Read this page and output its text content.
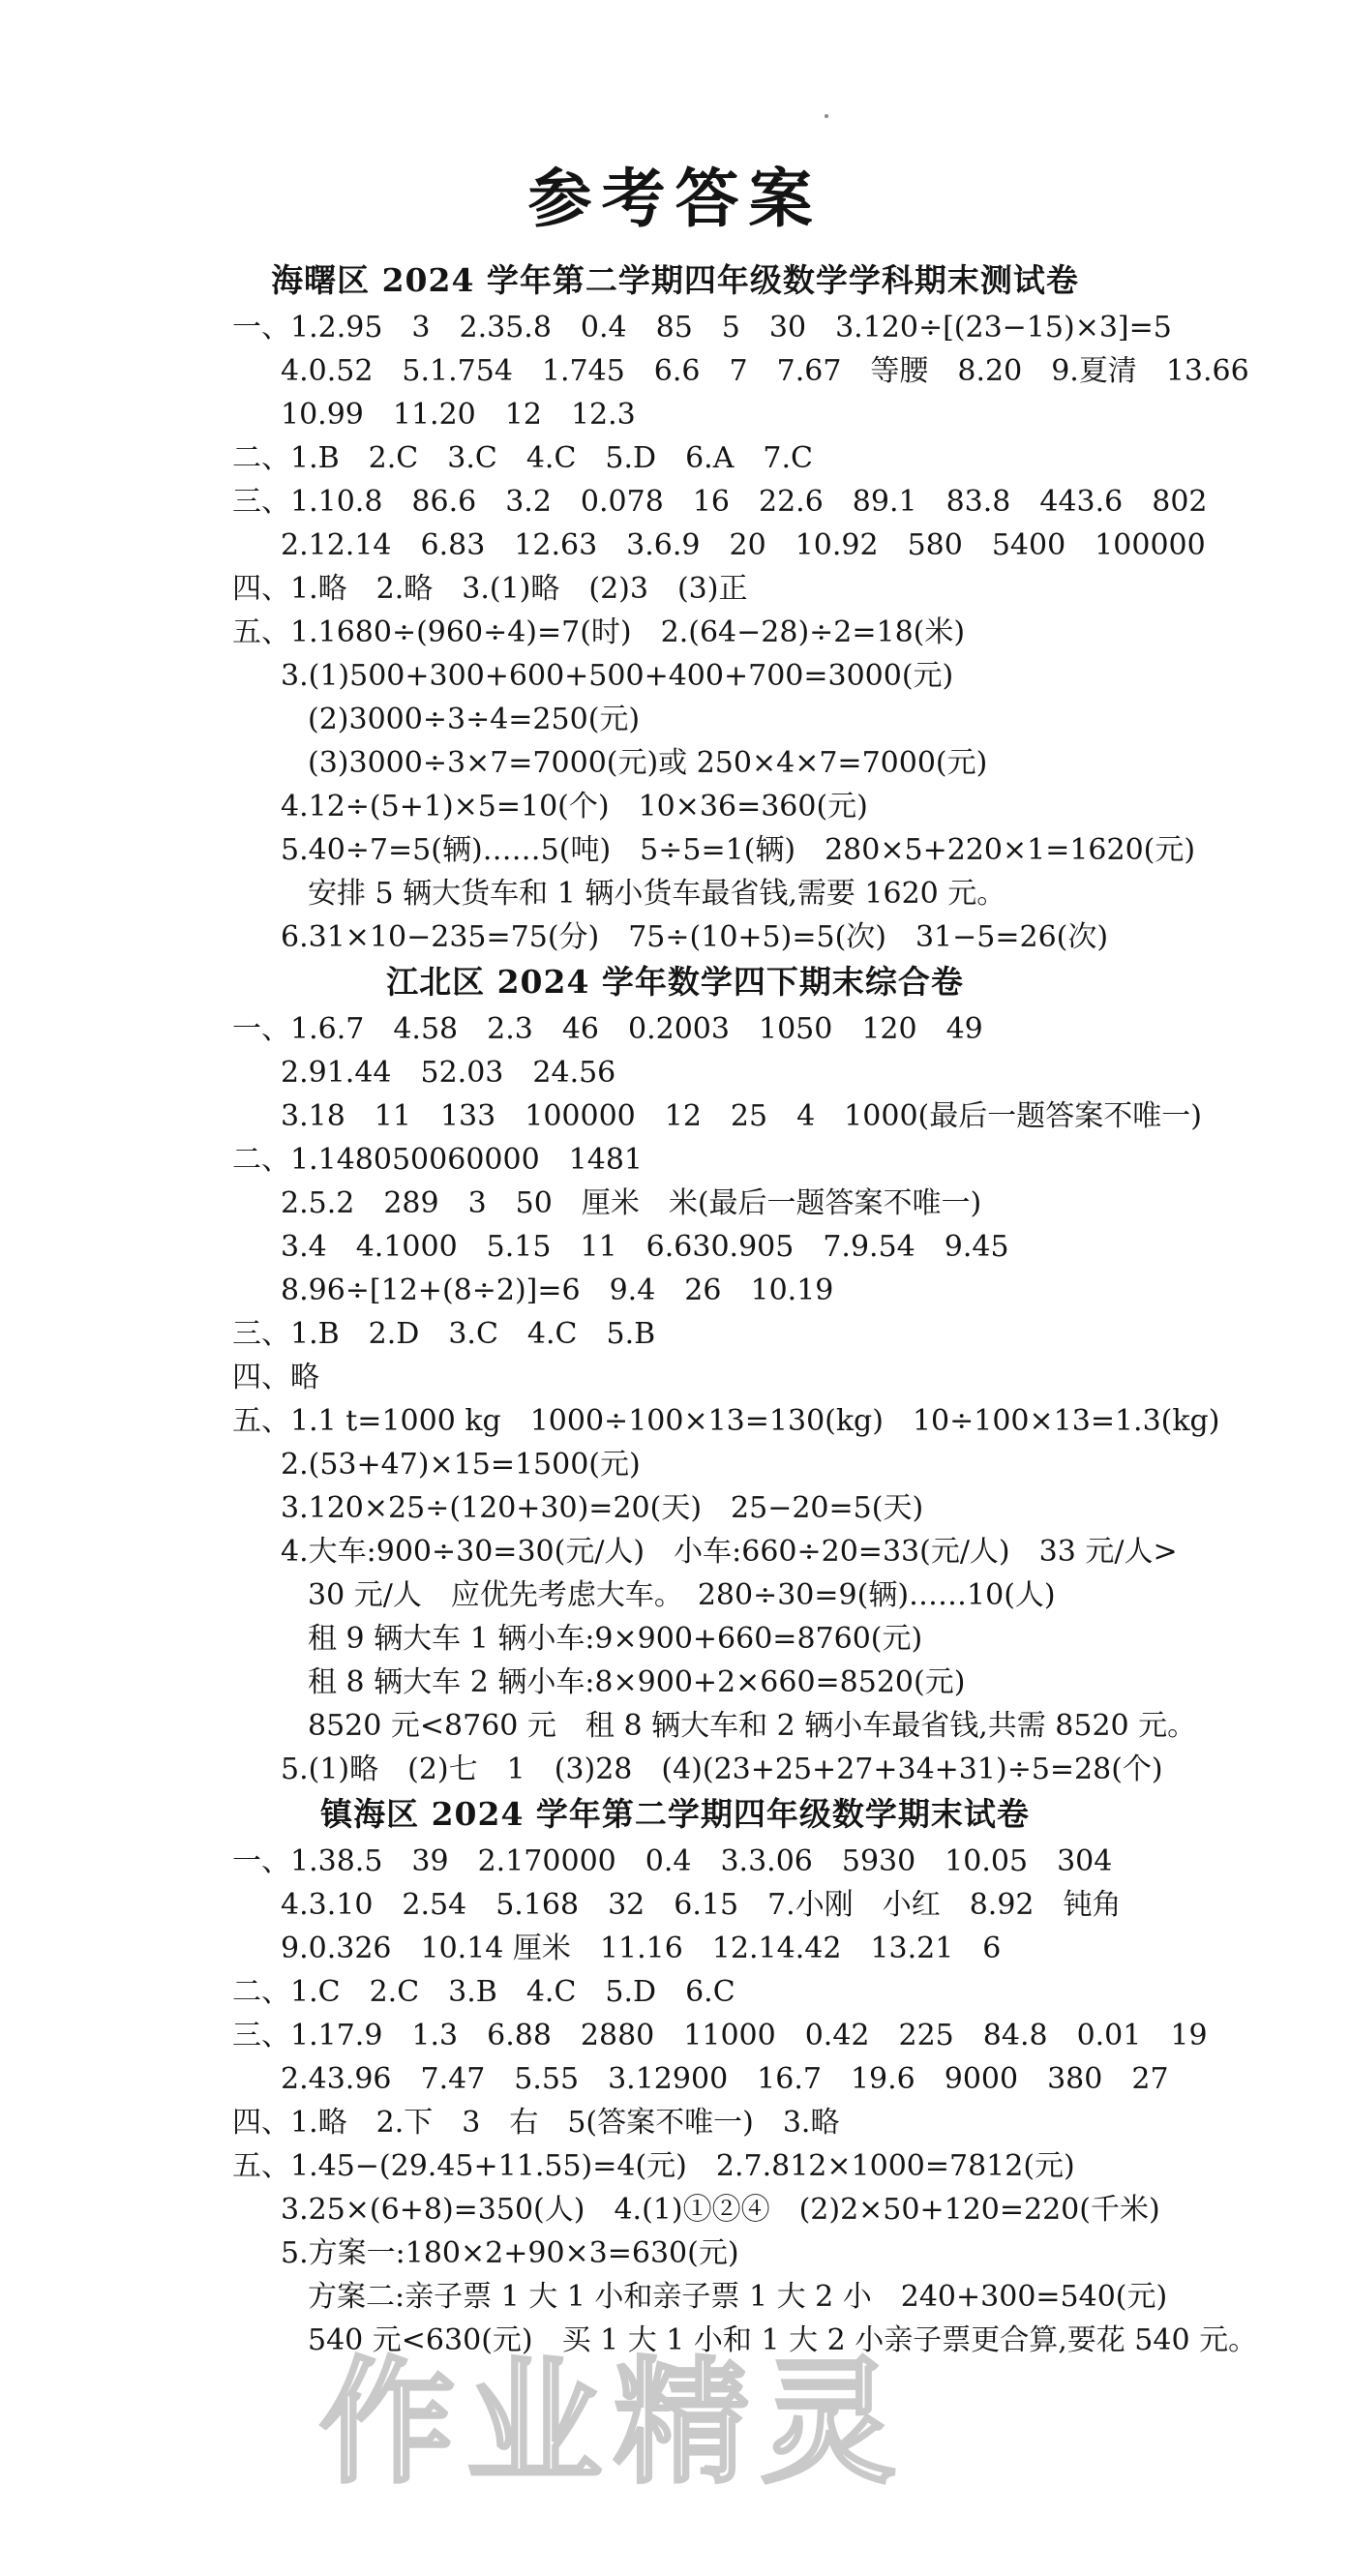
参考答案
海曙区 2024 学年第二学期四年级数学学科期末测试卷
一、1.2.95　3　2.35.8　0.4　85　5　30　3.120÷[(23−15)×3]=5
4.0.52　5.1.754　1.745　6.6　7　7.67　等腰　8.20　9.夏清　13.66
10.99　11.20　12　12.3
二、1.B　2.C　3.C　4.C　5.D　6.A　7.C
三、1.10.8　86.6　3.2　0.078　16　22.6　89.1　83.8　443.6　802
2.12.14　6.83　12.63　3.6.9　20　10.92　580　5400　100000
四、1.略　2.略　3.(1)略　(2)3　(3)正
五、1.1680÷(960÷4)=7(时)　2.(64−28)÷2=18(米)
3.(1)500+300+600+500+400+700=3000(元)
(2)3000÷3÷4=250(元)
(3)3000÷3×7=7000(元)或 250×4×7=7000(元)
4.12÷(5+1)×5=10(个)　10×36=360(元)
5.40÷7=5(辆)……5(吨)　5÷5=1(辆)　280×5+220×1=1620(元)
安排 5 辆大货车和 1 辆小货车最省钱,需要 1620 元。
6.31×10−235=75(分)　75÷(10+5)=5(次)　31−5=26(次)
江北区 2024 学年数学四下期末综合卷
一、1.6.7　4.58　2.3　46　0.2003　1050　120　49
2.91.44　52.03　24.56
3.18　11　133　100000　12　25　4　1000(最后一题答案不唯一)
二、1.148050060000　1481
2.5.2　289　3　50　厘米　米(最后一题答案不唯一)
3.4　4.1000　5.15　11　6.630.905　7.9.54　9.45
8.96÷[12+(8÷2)]=6　9.4　26　10.19
三、1.B　2.D　3.C　4.C　5.B
四、略
五、1.1 t=1000 kg　1000÷100×13=130(kg)　10÷100×13=1.3(kg)
2.(53+47)×15=1500(元)
3.120×25÷(120+30)=20(天)　25−20=5(天)
4.大车:900÷30=30(元/人)　小车:660÷20=33(元/人)　33 元/人>
30 元/人　应优先考虑大车。　280÷30=9(辆)……10(人)
租 9 辆大车 1 辆小车:9×900+660=8760(元)
租 8 辆大车 2 辆小车:8×900+2×660=8520(元)
8520 元<8760 元　租 8 辆大车和 2 辆小车最省钱,共需 8520 元。
5.(1)略　(2)七　1　(3)28　(4)(23+25+27+34+31)÷5=28(个)
镇海区 2024 学年第二学期四年级数学期末试卷
一、1.38.5　39　2.170000　0.4　3.3.06　5930　10.05　304
4.3.10　2.54　5.168　32　6.15　7.小刚　小红　8.92　钝角
9.0.326　10.14 厘米　11.16　12.14.42　13.21　6
二、1.C　2.C　3.B　4.C　5.D　6.C
三、1.17.9　1.3　6.88　2880　11000　0.42　225　84.8　0.01　19
2.43.96　7.47　5.55　3.12900　16.7　19.6　9000　380　27
四、1.略　2.下　3　右　5(答案不唯一)　3.略
五、1.45−(29.45+11.55)=4(元)　2.7.812×1000=7812(元)
3.25×(6+8)=350(人)　4.(1)①②④　(2)2×50+120=220(千米)
5.方案一:180×2+90×3=630(元)
方案二:亲子票 1 大 1 小和亲子票 1 大 2 小　240+300=540(元)
540 元<630(元)　买 1 大 1 小和 1 大 2 小亲子票更合算,要花 540 元。
作业精灵
